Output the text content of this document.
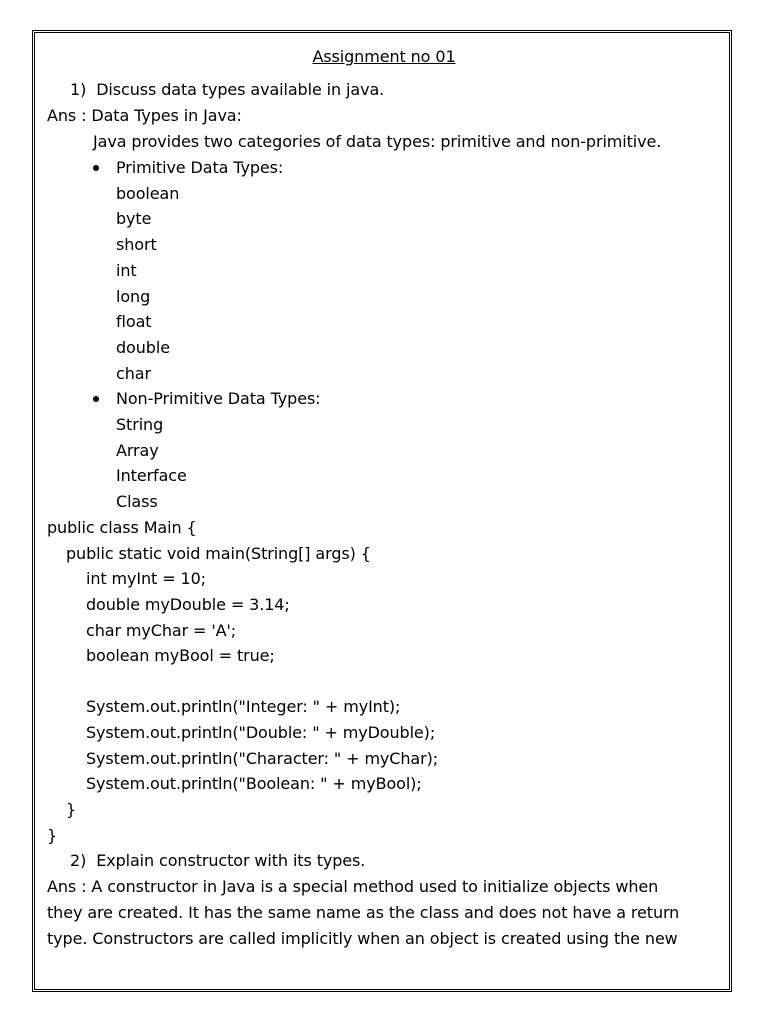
Assignment no 01
1)  Discuss data types available in java.
Ans : Data Types in Java:
Java provides two categories of data types: primitive and non-primitive.
Primitive Data Types:
boolean
byte
short
int
long
float
double
char
Non-Primitive Data Types:
String
Array
Interface
Class
public class Main {
public static void main(String[] args) {
int myInt = 10;
double myDouble = 3.14;
char myChar = 'A';
boolean myBool = true;
System.out.println("Integer: " + myInt);
System.out.println("Double: " + myDouble);
System.out.println("Character: " + myChar);
System.out.println("Boolean: " + myBool);
}
}
2)  Explain constructor with its types.
Ans : A constructor in Java is a special method used to initialize objects when
they are created. It has the same name as the class and does not have a return
type. Constructors are called implicitly when an object is created using the new
